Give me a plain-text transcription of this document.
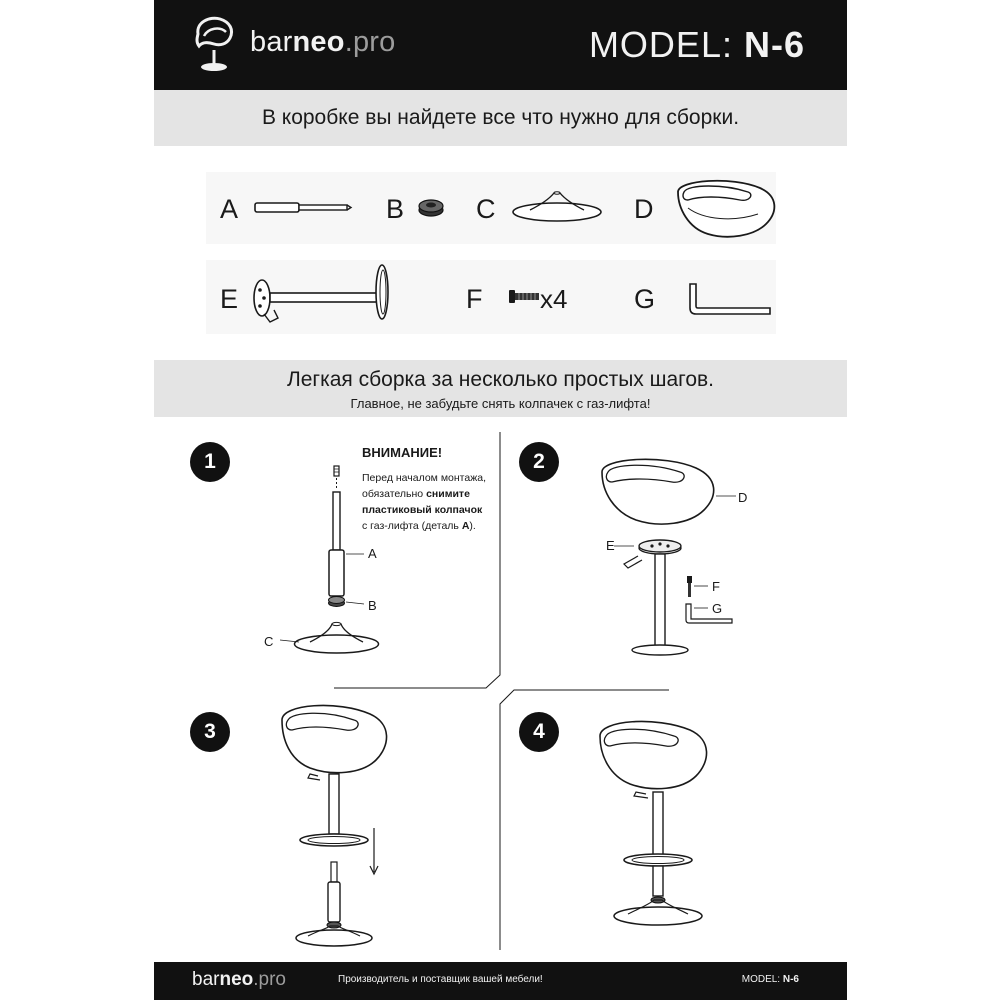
barneo.pro	MODEL: N-6
В коробке вы найдете все что нужно для сборки.
A	B	C	D
E	F x4 G
Легкая сборка за несколько простых шагов.
Главное, не забудьте снять колпачек с газ-лифта!
1
A
B
C
ВНИМАНИЕ!
Перед началом монтажа,
обязательно снимите
пластиковый колпачок
с газ-лифта (деталь A).
2
D
E
F
G
3	4
barneo.pro	Производитель и поставщик вашей мебели!	MODEL: N-6
